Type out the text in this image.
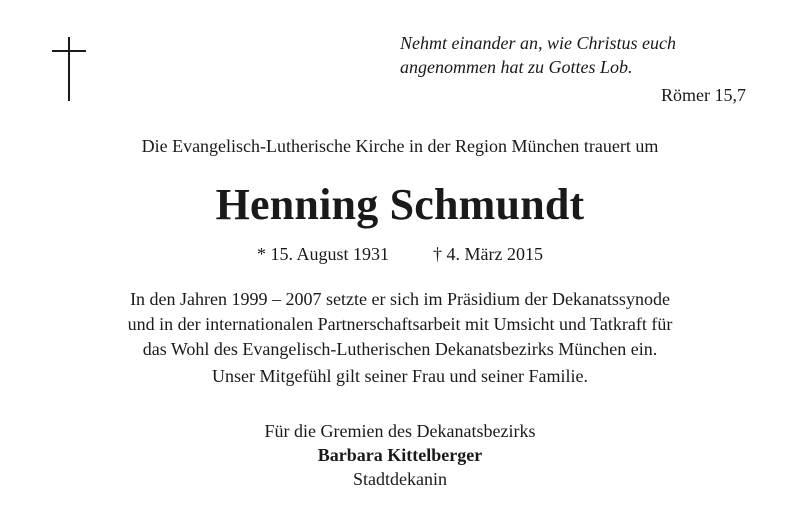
Nehmt einander an, wie Christus euch
angenommen hat zu Gottes Lob.
Römer 15,7
Die Evangelisch-Lutherische Kirche in der Region München trauert um
Henning Schmundt
* 15. August 1931 † 4. März 2015
In den Jahren 1999 – 2007 setzte er sich im Präsidium der Dekanatssynode
und in der internationalen Partnerschaftsarbeit mit Umsicht und Tatkraft für
das Wohl des Evangelisch-Lutherischen Dekanatsbezirks München ein.
Unser Mitgefühl gilt seiner Frau und seiner Familie.
Für die Gremien des Dekanatsbezirks
Barbara Kittelberger
Stadtdekanin
